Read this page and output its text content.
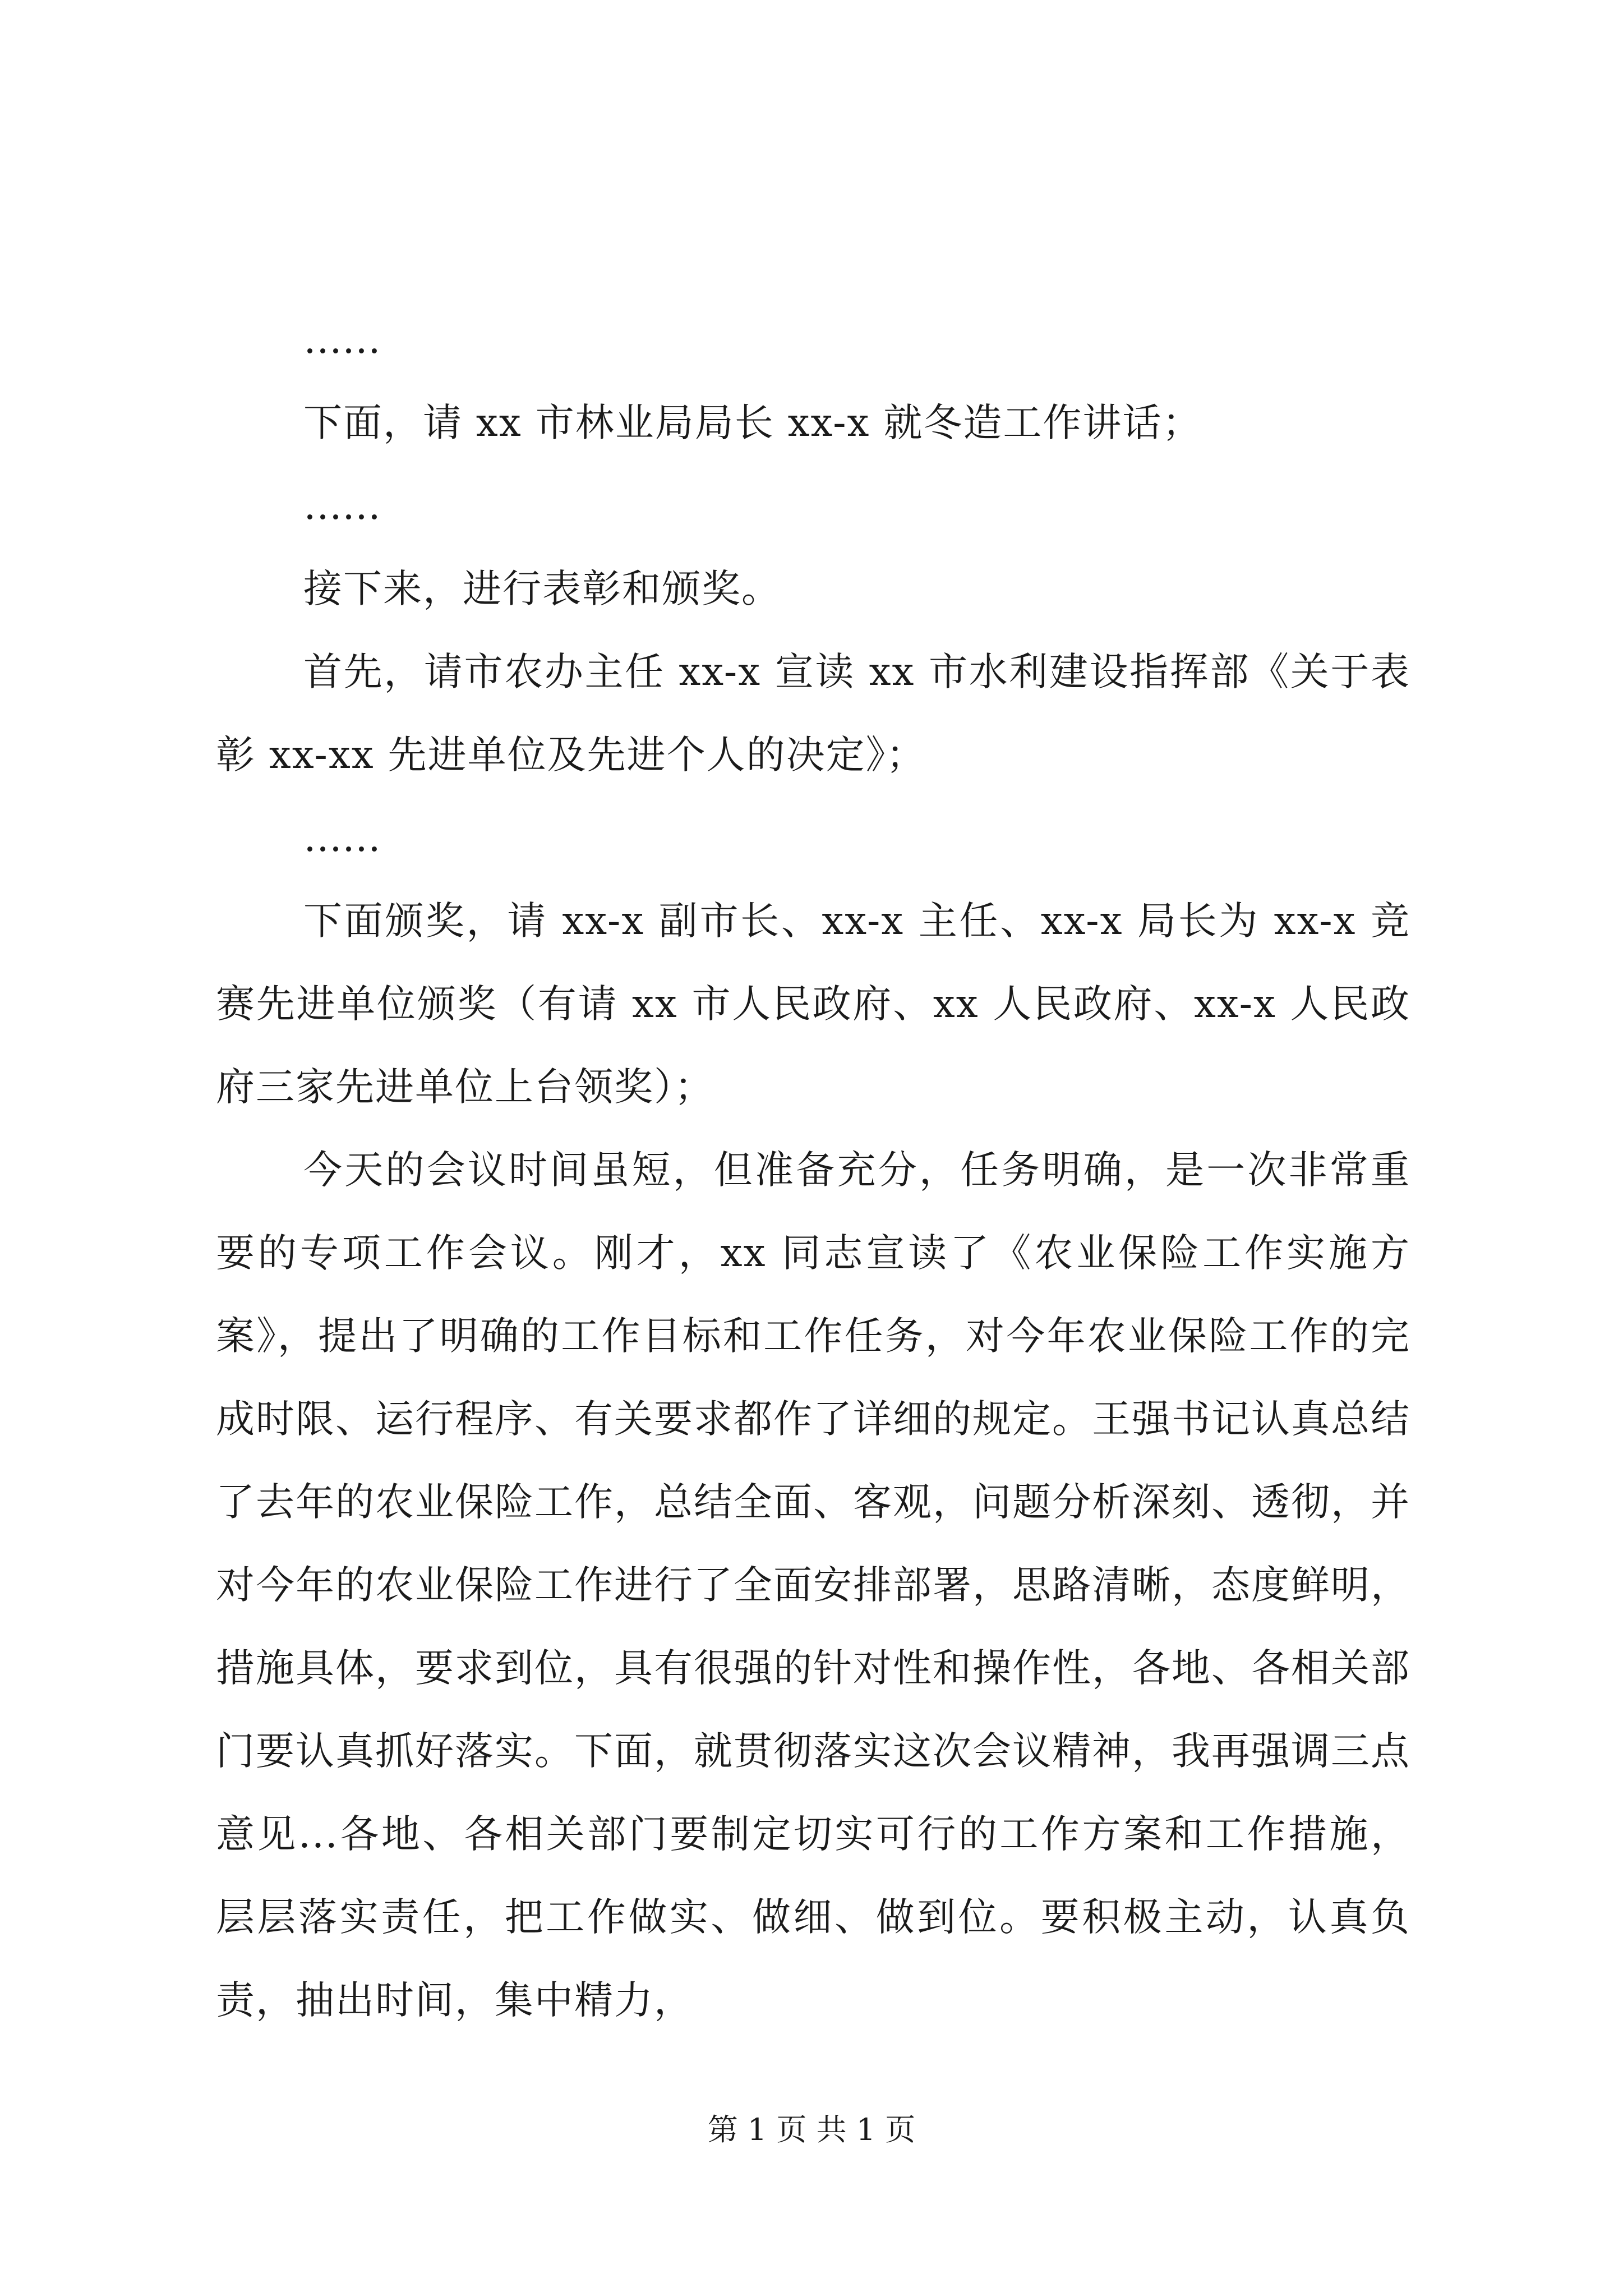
……

下面，请 xx 市林业局局长 xx-x 就冬造工作讲话；

……

接下来，进行表彰和颁奖。

首先，请市农办主任 xx-x 宣读 xx 市水利建设指挥部《关于表彰 xx-xx 先进单位及先进个人的决定》；

……

下面颁奖，请 xx-x 副市长、xx-x 主任、xx-x 局长为 xx-x 竞赛先进单位颁奖（有请 xx 市人民政府、xx 人民政府、xx-x 人民政府三家先进单位上台领奖）；

今天的会议时间虽短，但准备充分，任务明确，是一次非常重要的专项工作会议。刚才，xx 同志宣读了《农业保险工作实施方案》，提出了明确的工作目标和工作任务，对今年农业保险工作的完成时限、运行程序、有关要求都作了详细的规定。王强书记认真总结了去年的农业保险工作，总结全面、客观，问题分析深刻、透彻，并对今年的农业保险工作进行了全面安排部署，思路清晰，态度鲜明，措施具体，要求到位，具有很强的针对性和操作性，各地、各相关部门要认真抓好落实。下面，就贯彻落实这次会议精神，我再强调三点意见...各地、各相关部门要制定切实可行的工作方案和工作措施，层层落实责任，把工作做实、做细、做到位。要积极主动，认真负责，抽出时间，集中精力，

第 1 页 共 1 页
